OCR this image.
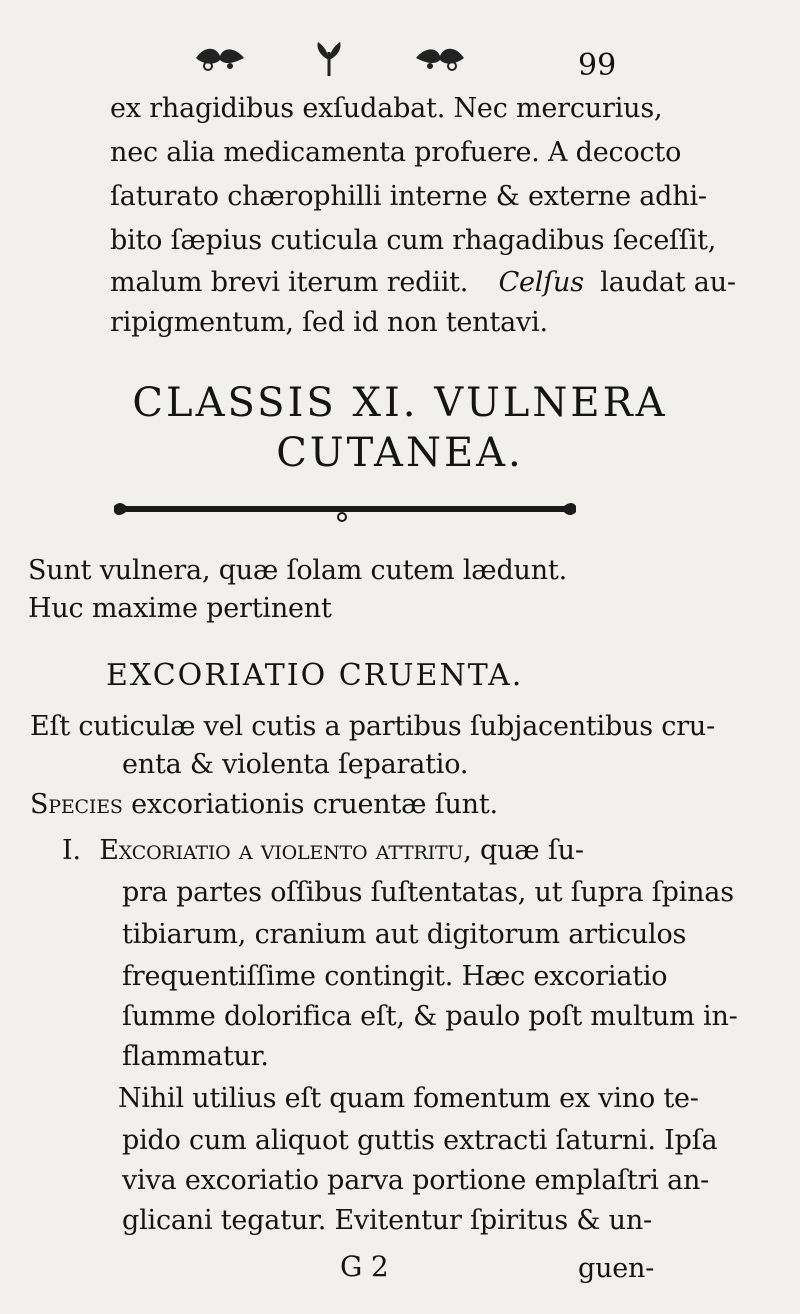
99
ex rhagidibus exſudabat. Nec mercurius,
nec alia medicamenta profuere. A decocto
ſaturato chærophilli interne & externe adhi-
bito ſæpius cuticula cum rhagadibus ſeceſſit,
malum brevi iterum rediit. Celſus laudat au-
ripigmentum, ſed id non tentavi.
CLASSIS XI. VULNERA
CUTANEA.
Sunt vulnera, quæ ſolam cutem lædunt.
Huc maxime pertinent
EXCORIATIO CRUENTA.
Eſt cuticulæ vel cutis a partibus ſubjacentibus cru-
enta & violenta ſeparatio.
Species excoriationis cruentæ ſunt.
I. Excoriatio a violento attritu, quæ ſu-
pra partes oſſibus ſuſtentatas, ut ſupra ſpinas
tibiarum, cranium aut digitorum articulos
frequentiſſime contingit. Hæc excoriatio
ſumme dolorifica eſt, & paulo poſt multum in-
flammatur.
Nihil utilius eſt quam fomentum ex vino te-
pido cum aliquot guttis extracti ſaturni. Ipſa
viva excoriatio parva portione emplaſtri an-
glicani tegatur. Evitentur ſpiritus & un-
G 2	guen-
